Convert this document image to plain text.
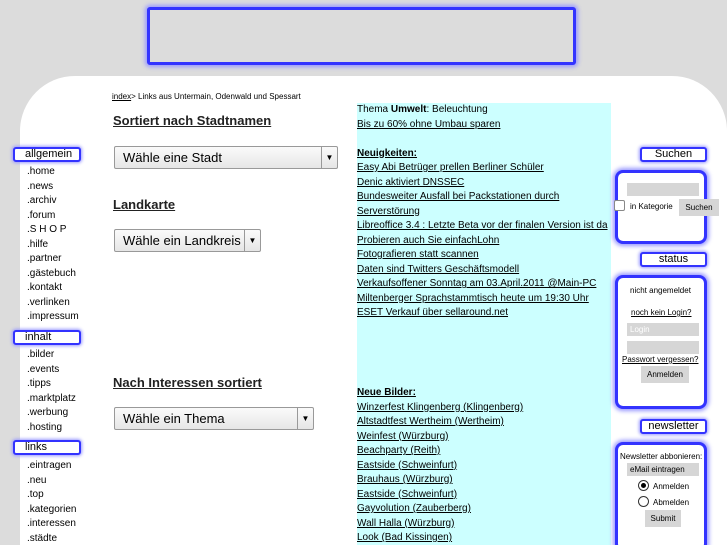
allgemein
.home
.news
.archiv
.forum
.S H O P
.hilfe
.partner
.gästebuch
.kontakt
.verlinken
.impressum
inhalt
.bilder
.events
.tipps
.marktplatz
.werbung
.hosting
links
.eintragen
.neu
.top
.kategorien
.interessen
.städte
index> Links aus Untermain, Odenwald und Spessart
Sortiert nach Stadtnamen
Wähle eine Stadt	▼
Landkarte
Wähle ein Landkreis ▼
Nach Interessen sortiert
Wähle ein Thema	▼

Thema Umwelt: Beleuchtung

Bis zu 60% ohne Umbau sparen

Neuigkeiten:

Easy Abi Betrüger prellen Berliner Schüler

Denic aktiviert DNSSEC

Bundesweiter Ausfall bei Packstationen durch Serverstörung

Libreoffice 3.4 : Letzte Beta vor der finalen Version ist da

Probieren auch Sie einfachLohn

Fotografieren statt scannen

Daten sind Twitters Geschäftsmodell

Verkaufsoffener Sonntag am 03.April.2011 @Main-PC

Miltenberger Sprachstammtisch heute um 19:30 Uhr

ESET Verkauf über sellaround.net

Neue Bilder:

Winzerfest Klingenberg (Klingenberg)

Altstadtfest Wertheim (Wertheim)

Weinfest (Würzburg)

Beachparty (Reith)

Eastside (Schweinfurt)

Brauhaus (Würzburg)

Eastside (Schweinfurt)

Gayvolution (Zauberberg)

Wall Halla (Würzburg)

Look (Bad Kissingen)

Suchen
in Kategorie	Suchen
status
nicht angemeldet
noch kein Login?
Login
Passwort vergessen?
Anmelden
newsletter
Newsletter abbonieren:
eMail eintragen
Anmelden
Abmelden
Submit
